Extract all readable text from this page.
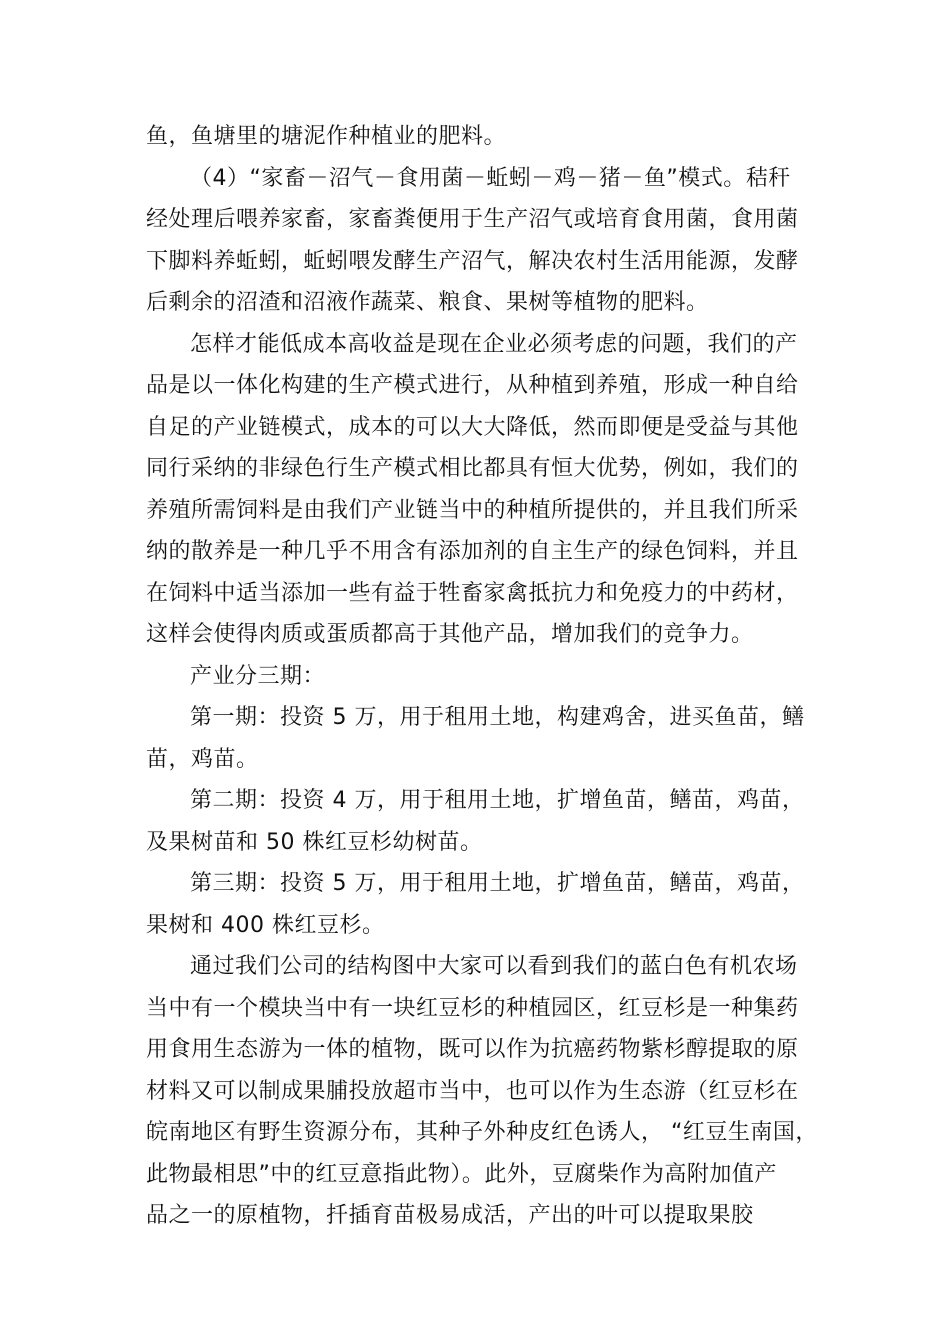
鱼，鱼塘里的塘泥作种植业的肥料。
（4）“家畜－沼气－食用菌－蚯蚓－鸡－猪－鱼”模式。秸秆
经处理后喂养家畜，家畜粪便用于生产沼气或培育食用菌，食用菌
下脚料养蚯蚓，蚯蚓喂发酵生产沼气，解决农村生活用能源，发酵
后剩余的沼渣和沼液作蔬菜、粮食、果树等植物的肥料。
怎样才能低成本高收益是现在企业必须考虑的问题，我们的产
品是以一体化构建的生产模式进行，从种植到养殖，形成一种自给
自足的产业链模式，成本的可以大大降低，然而即便是受益与其他
同行采纳的非绿色行生产模式相比都具有恒大优势，例如，我们的
养殖所需饲料是由我们产业链当中的种植所提供的，并且我们所采
纳的散养是一种几乎不用含有添加剂的自主生产的绿色饲料，并且
在饲料中适当添加一些有益于牲畜家禽抵抗力和免疫力的中药材，
这样会使得肉质或蛋质都高于其他产品，增加我们的竞争力。
产业分三期：
第一期：投资 5 万，用于租用土地，构建鸡舍，进买鱼苗，鳝
苗，鸡苗。
第二期：投资 4 万，用于租用土地，扩增鱼苗，鳝苗，鸡苗，
及果树苗和 50 株红豆杉幼树苗。
第三期：投资 5 万，用于租用土地，扩增鱼苗，鳝苗，鸡苗，
果树和 400 株红豆杉。
通过我们公司的结构图中大家可以看到我们的蓝白色有机农场
当中有一个模块当中有一块红豆杉的种植园区，红豆杉是一种集药
用食用生态游为一体的植物，既可以作为抗癌药物紫杉醇提取的原
材料又可以制成果脯投放超市当中，也可以作为生态游（红豆杉在
皖南地区有野生资源分布，其种子外种皮红色诱人， “红豆生南国，
此物最相思”中的红豆意指此物）。此外，豆腐柴作为高附加值产
品之一的原植物，扦插育苗极易成活，产出的叶可以提取果胶
